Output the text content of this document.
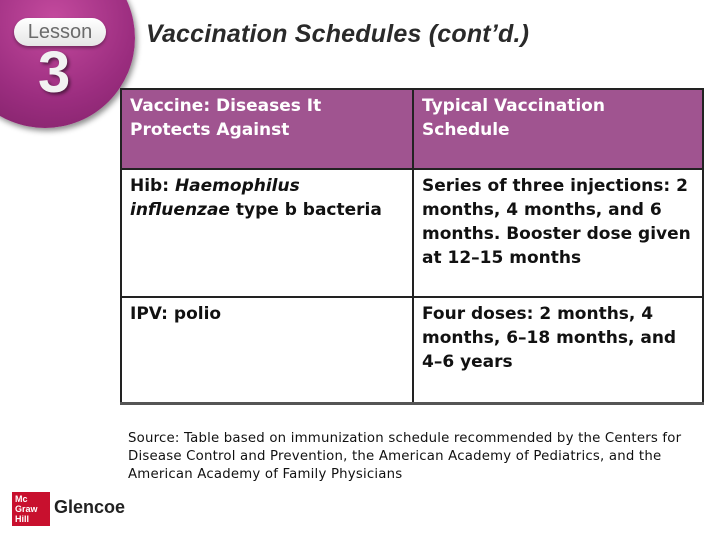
Lesson
3
Vaccination Schedules (cont’d.)
Vaccine: Diseases It Protects Against	Typical Vaccination Schedule
Hib: Haemophilus influenzae type b bacteria	Series of three injections: 2 months, 4 months, and 6 months. Booster dose given at 12–15 months
IPV: polio	Four doses: 2 months, 4 months, 6–18 months, and 4–6 years
Source: Table based on immunization schedule recommended by the Centers for Disease Control and Prevention, the American Academy of Pediatrics, and the American Academy of Family Physicians
Mc
Graw
Hill
Glencoe
